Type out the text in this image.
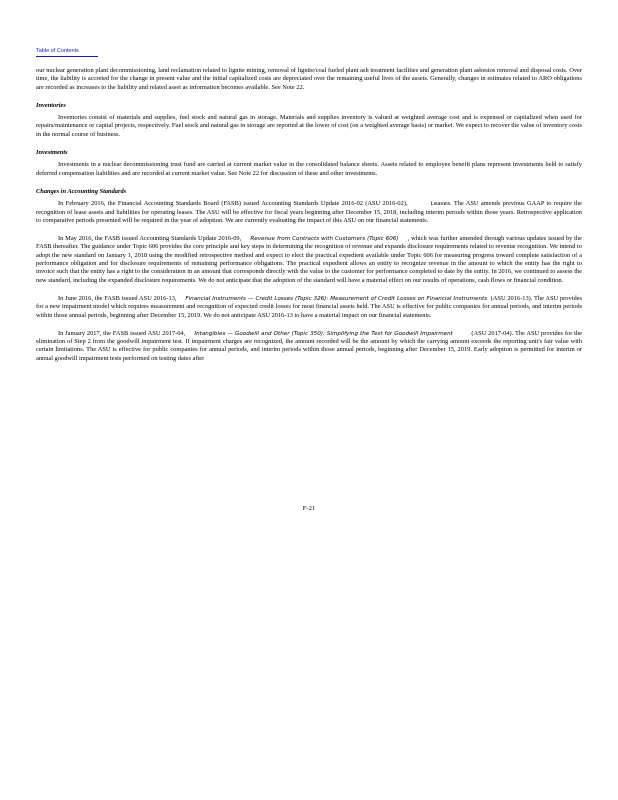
Table of Contents

our nuclear generation plant decommissioning, land reclamation related to lignite mining, removal of lignite/coal fueled plant ash treatment facilities and generation plant asbestos removal and disposal costs. Over time, the liability is accreted for the change in present value and the initial capitalized costs are depreciated over the remaining useful lives of the assets. Generally, changes in estimates related to ARO obligations are recorded as increases to the liability and related asset as information becomes available. See Note 22.

Inventories

Inventories consist of materials and supplies, fuel stock and natural gas in storage. Materials and supplies inventory is valued at weighted average cost and is expensed or capitalized when used for repairs/maintenance or capital projects, respectively. Fuel stock and natural gas in storage are reported at the lower of cost (on a weighted average basis) or market. We expect to recover the value of inventory costs in the normal course of business.

Investments

Investments in a nuclear decommissioning trust fund are carried at current market value in the consolidated balance sheets. Assets related to employee benefit plans represent investments held to satisfy deferred compensation liabilities and are recorded at current market value. See Note 22 for discussion of these and other investments.

Changes in Accounting Standards

In February 2016, the Financial Accounting Standards Board (FASB) issued Accounting Standards Update 2016-02 (ASU 2016-02),	Leases. The ASU amends previous GAAP to require the recognition of lease assets and liabilities for operating leases. The ASU will be effective for fiscal years beginning after December 15, 2018, including interim periods within those years. Retrospective application to comparative periods presented will be required in the year of adoption. We are currently evaluating the impact of this ASU on our financial statements.

In May 2016, the FASB issued Accounting Standards Update 2016-09, Revenue from Contracts with Customers (Topic 606) , which was further amended through various updates issued by the FASB thereafter. The guidance under Topic 606 provides the core principle and key steps in determining the recognition of revenue and expands disclosure requirements related to revenue recognition. We intend to adopt the new standard on January 1, 2018 using the modified retrospective method and expect to elect the practical expedient available under Topic 606 for measuring progress toward complete satisfaction of a performance obligation and for disclosure requirements of remaining performance obligations. The practical expedient allows an entity to recognize revenue in the amount to which the entity has the right to invoice such that the entity has a right to the consideration in an amount that corresponds directly with the value to the customer for performance completed to date by the entity. In 2016, we continued to assess the new standard, including the expanded disclosure requirements. We do not anticipate that the adoption of the standard will have a material effect on our results of operations, cash flows or financial condition.

In June 2016, the FASB issued ASU 2016-13, Financial Instruments — Credit Losses (Topic 326): Measurement of Credit Losses on Financial Instruments (ASU 2016-13). The ASU provides for a new impairment model which requires measurement and recognition of expected credit losses for most financial assets held. The ASU is effective for public companies for annual periods, and interim periods within those annual periods, beginning after December 15, 2019. We do not anticipate ASU 2016-13 to have a material impact on our financial statements.

In January 2017, the FASB issued ASU 2017-04, Intangibles — Goodwill and Other (Topic 350): Simplifying the Test for Goodwill Impairment	(ASU 2017-04). The ASU provides for the elimination of Step 2 from the goodwill impairment test. If impairment charges are recognized, the amount recorded will be the amount by which the carrying amount exceeds the reporting unit's fair value with certain limitations. The ASU is effective for public companies for annual periods, and interim periods within those annual periods, beginning after December 15, 2019. Early adoption is permitted for interim or annual goodwill impairment tests performed on testing dates after

F-21
